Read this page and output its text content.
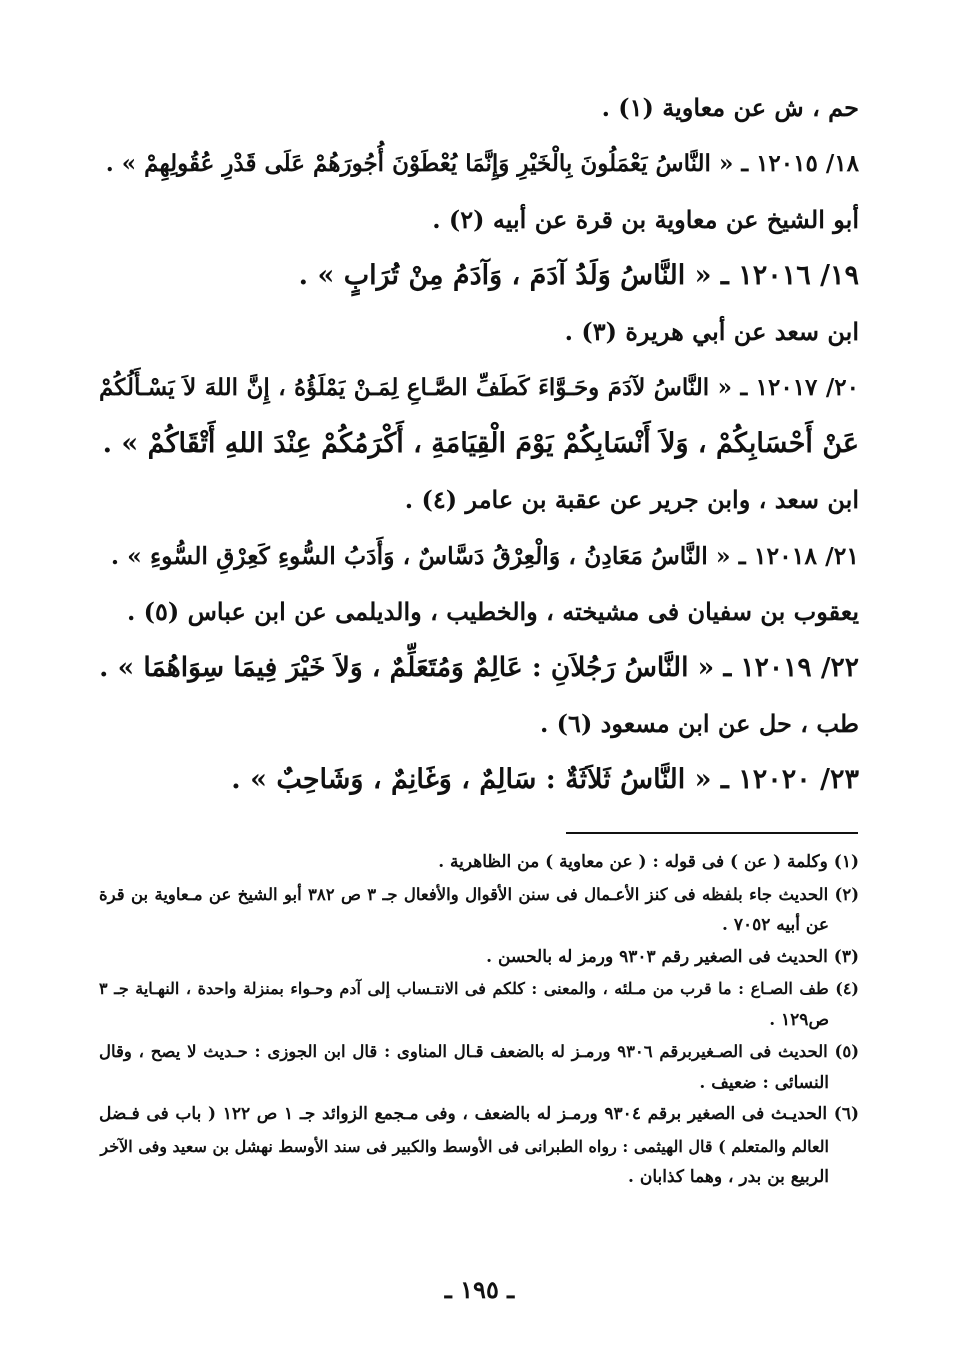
حم ، ش عن معاوية (١) .
١٨/ ١٢٠١٥ ـ « النَّاسُ يَعْمَلُونَ بِالْخَيْرِ وَإِنَّمَا يُعْطَوْنَ أُجُورَهُمْ عَلَى قَدْرِ عُقُولِهِمْ » .
أبو الشيخ عن معاوية بن قرة عن أبيه (٢) .
١٩/ ١٢٠١٦ ـ « النَّاسُ وَلَدُ آدَمَ ، وَآدَمُ مِنْ تُرَابٍ » .
ابن سعد عن أبي هريرة (٣) .
٢٠/ ١٢٠١٧ ـ « النَّاسُ لآدَمَ وحَـوَّاءَ كَطَفِّ الصَّـاعِ لِمَـنْ يَمْلَؤُهُ ، إِنَّ اللهَ لاَ يَسْـأَلُكُمْ
عَنْ أَحْسَابِكُمْ ، وَلاَ أَنْسَابِكُمْ يَوْمَ الْقِيَامَةِ ، أَكْرَمُكُمْ عِنْدَ اللهِ أَتْقَاكُمْ » .
ابن سعد ، وابن جرير عن عقبة بن عامر (٤) .
٢١/ ١٢٠١٨ ـ « النَّاسُ مَعَادِنُ ، وَالْعِرْقُ دَسَّاسٌ ، وَأَدَبُ السُّوءِ كَعِرْقِ السُّوءِ » .
يعقوب بن سفيان فى مشيخته ، والخطيب ، والديلمى عن ابن عباس (٥) .
٢٢/ ١٢٠١٩ ـ « النَّاسُ رَجُلاَنِ : عَالِمٌ وَمُتَعَلِّمٌ ، وَلاَ خَيْرَ فِيمَا سِوَاهُمَا » .
طب ، حل عن ابن مسعود (٦) .
٢٣/ ١٢٠٢٠ ـ « النَّاسُ ثَلاَثَةٌ : سَالِمٌ ، وَغَانِمٌ ، وَشَاحِبٌ » .
(١) وكلمة ( عن ) فى قوله : ( عن معاوية ) من الظاهرية .
(٢) الحديث جاء بلفظه فى كنز الأعـمال فى سنن الأقوال والأفعال جـ ٣ ص ٣٨٢ أبو الشيخ عن مـعاوية بن قرة
عن أبيه ٧٠٥٢ .
(٣) الحديث فى الصغير رقم ٩٣٠٣ ورمز له بالحسن .
(٤) طف الصـاع : ما قرب من مـلئه ، والمعنى : كلكم فى الانتـساب إلى آدم وحـواء بمنزلة واحدة ، النهـاية جـ ٣
ص١٢٩ .
(٥) الحديث فى الصـغيربرقم ٩٣٠٦ ورمـز له بالضعف قـال المناوى : قال ابن الجوزى : حـديث لا يصح ، وقال
النسائى : ضعيف .
(٦) الحديـث فى الصغير برقم ٩٣٠٤ ورمـز له بالضعف ، وفى مـجمع الزوائد جـ ١ ص ١٢٢ ( باب فى فـضل
العالم والمتعلم ) قال الهيثمى : رواه الطبرانى فى الأوسط والكبير فى سند الأوسط نهشل بن سعيد وفى الآخر
الربيع بن بدر ، وهما كذابان .
ـ ١٩٥ ـ
